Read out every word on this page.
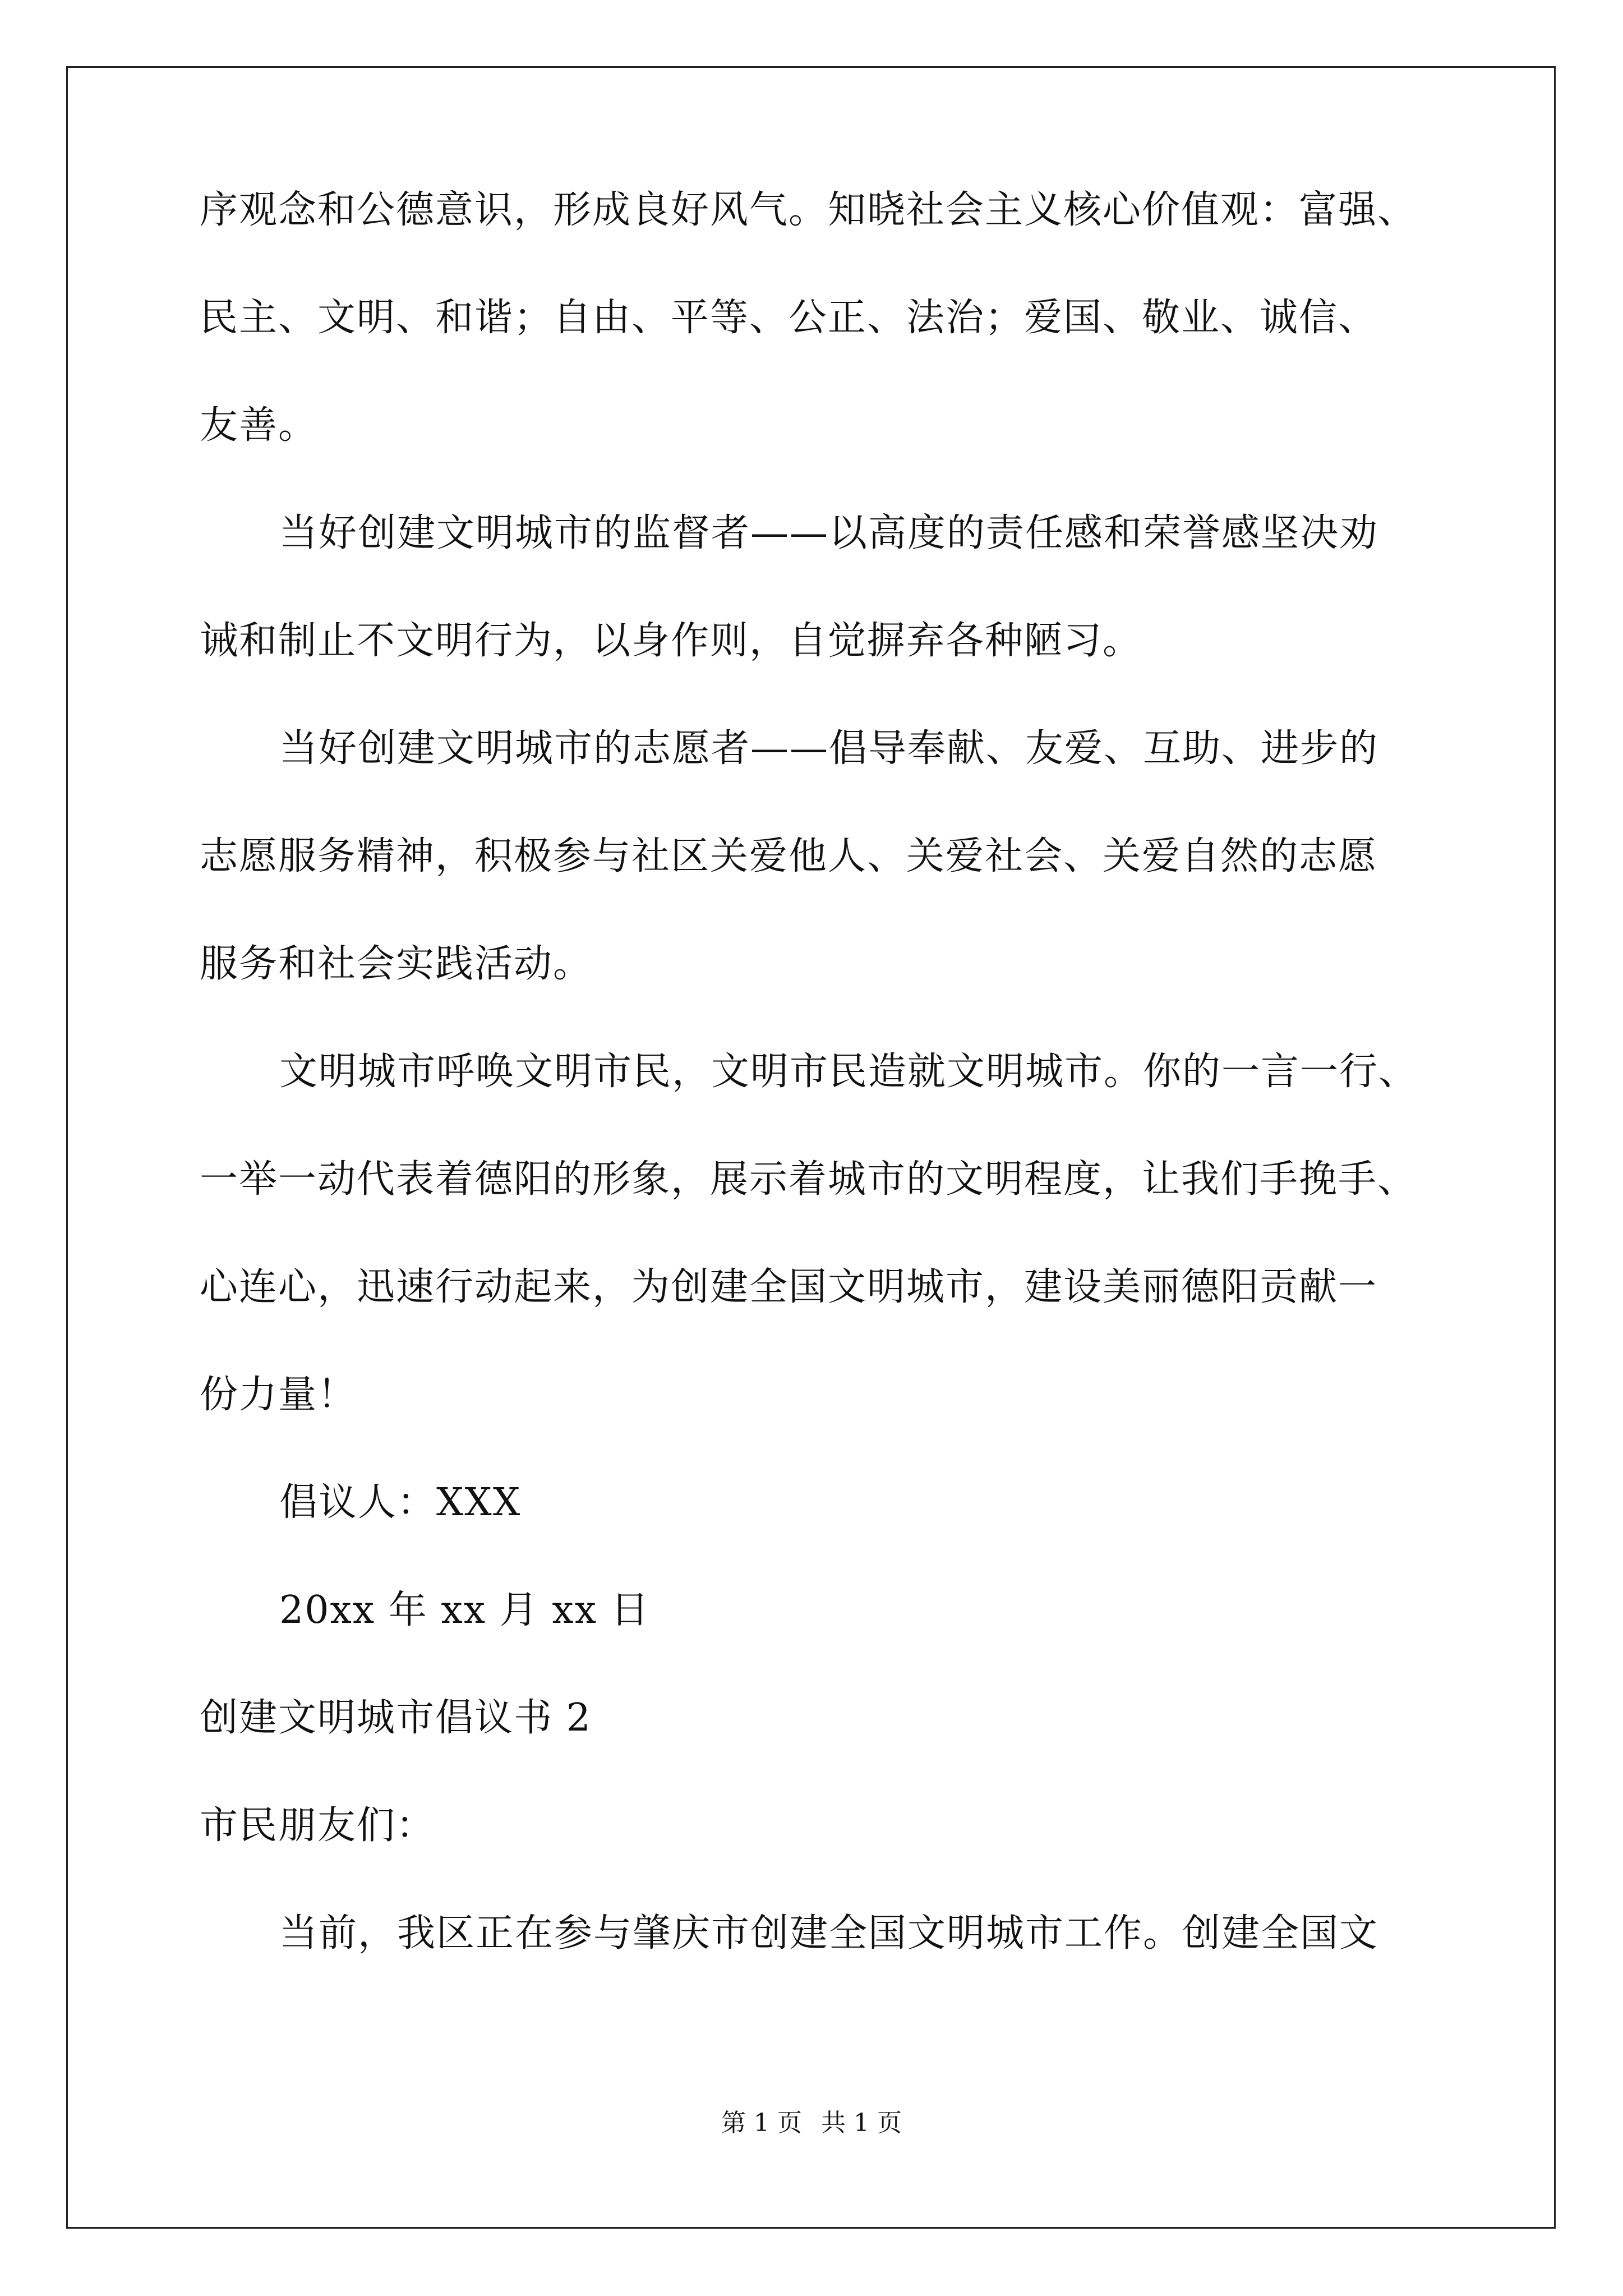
序观念和公德意识，形成良好风气。知晓社会主义核心价值观：富强、
民主、文明、和谐；自由、平等、公正、法治；爱国、敬业、诚信、
友善。
当好创建文明城市的监督者——以高度的责任感和荣誉感坚决劝
诫和制止不文明行为，以身作则，自觉摒弃各种陋习。
当好创建文明城市的志愿者——倡导奉献、友爱、互助、进步的
志愿服务精神，积极参与社区关爱他人、关爱社会、关爱自然的志愿
服务和社会实践活动。
文明城市呼唤文明市民，文明市民造就文明城市。你的一言一行、
一举一动代表着德阳的形象，展示着城市的文明程度，让我们手挽手、
心连心，迅速行动起来，为创建全国文明城市，建设美丽德阳贡献一
份力量！
倡议人：XXX
20xx 年 xx 月 xx 日
创建文明城市倡议书 2
市民朋友们：
当前，我区正在参与肇庆市创建全国文明城市工作。创建全国文
第 1 页 共 1 页
